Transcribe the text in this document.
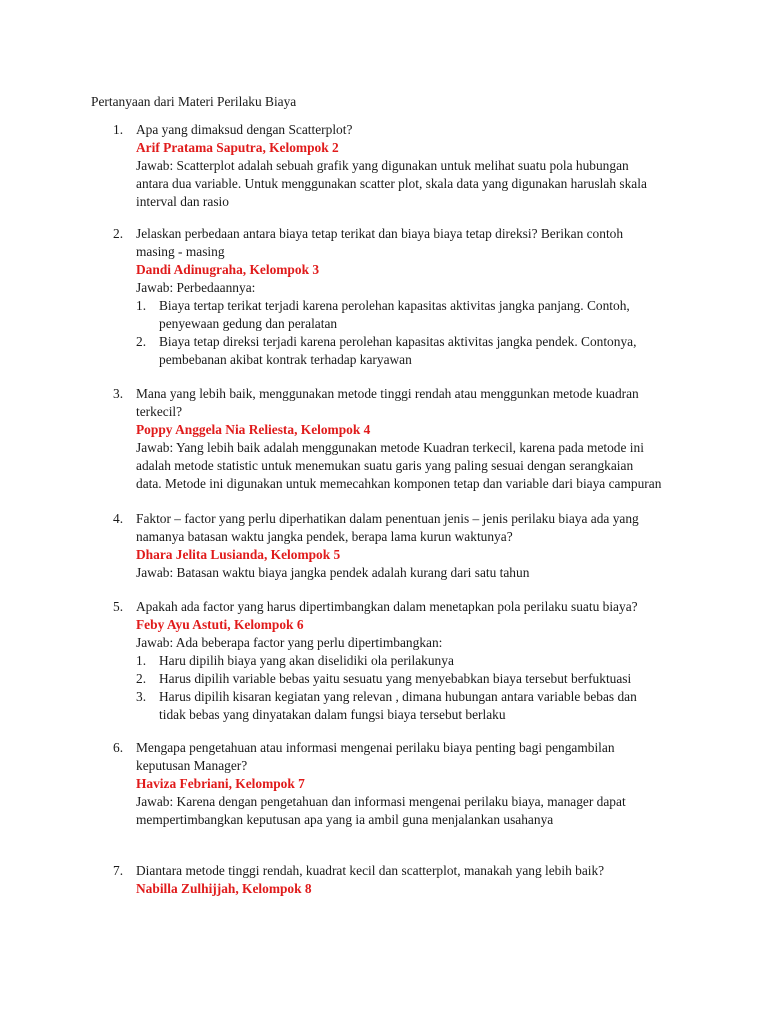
Pertanyaan dari Materi Perilaku Biaya
1. Apa yang dimaksud dengan Scatterplot?
Arif Pratama Saputra, Kelompok 2
Jawab: Scatterplot adalah sebuah grafik yang digunakan untuk melihat suatu pola hubungan
antara dua variable. Untuk menggunakan scatter plot, skala data yang digunakan haruslah skala
interval dan rasio
2. Jelaskan perbedaan antara biaya tetap terikat dan biaya biaya tetap direksi? Berikan contoh
masing - masing
Dandi Adinugraha, Kelompok 3
Jawab: Perbedaannya:
1. Biaya tertap terikat terjadi karena perolehan kapasitas aktivitas jangka panjang. Contoh,
penyewaan gedung dan peralatan
2. Biaya tetap direksi terjadi karena perolehan kapasitas aktivitas jangka pendek. Contonya,
pembebanan akibat kontrak terhadap karyawan
3. Mana yang lebih baik, menggunakan metode tinggi rendah atau menggunkan metode kuadran
terkecil?
Poppy Anggela Nia Reliesta, Kelompok 4
Jawab: Yang lebih baik adalah menggunakan metode Kuadran terkecil, karena pada metode ini
adalah metode statistic untuk menemukan suatu garis yang paling sesuai dengan serangkaian
data. Metode ini digunakan untuk memecahkan komponen tetap dan variable dari biaya campuran
4. Faktor – factor yang perlu diperhatikan dalam penentuan jenis – jenis perilaku biaya ada yang
namanya batasan waktu jangka pendek, berapa lama kurun waktunya?
Dhara Jelita Lusianda, Kelompok 5
Jawab: Batasan waktu biaya jangka pendek adalah kurang dari satu tahun
5. Apakah ada factor yang harus dipertimbangkan dalam menetapkan pola perilaku suatu biaya?
Feby Ayu Astuti, Kelompok 6
Jawab: Ada beberapa factor yang perlu dipertimbangkan:
1. Haru dipilih biaya yang akan diselidiki ola perilakunya
2. Harus dipilih variable bebas yaitu sesuatu yang menyebabkan biaya tersebut berfuktuasi
3. Harus dipilih kisaran kegiatan yang relevan , dimana hubungan antara variable bebas dan
tidak bebas yang dinyatakan dalam fungsi biaya tersebut berlaku
6. Mengapa pengetahuan atau informasi mengenai perilaku biaya penting bagi pengambilan
keputusan Manager?
Haviza Febriani, Kelompok 7
Jawab: Karena dengan pengetahuan dan informasi mengenai perilaku biaya, manager dapat
mempertimbangkan keputusan apa yang ia ambil guna menjalankan usahanya
7. Diantara metode tinggi rendah, kuadrat kecil dan scatterplot, manakah yang lebih baik?
Nabilla Zulhijjah, Kelompok 8
